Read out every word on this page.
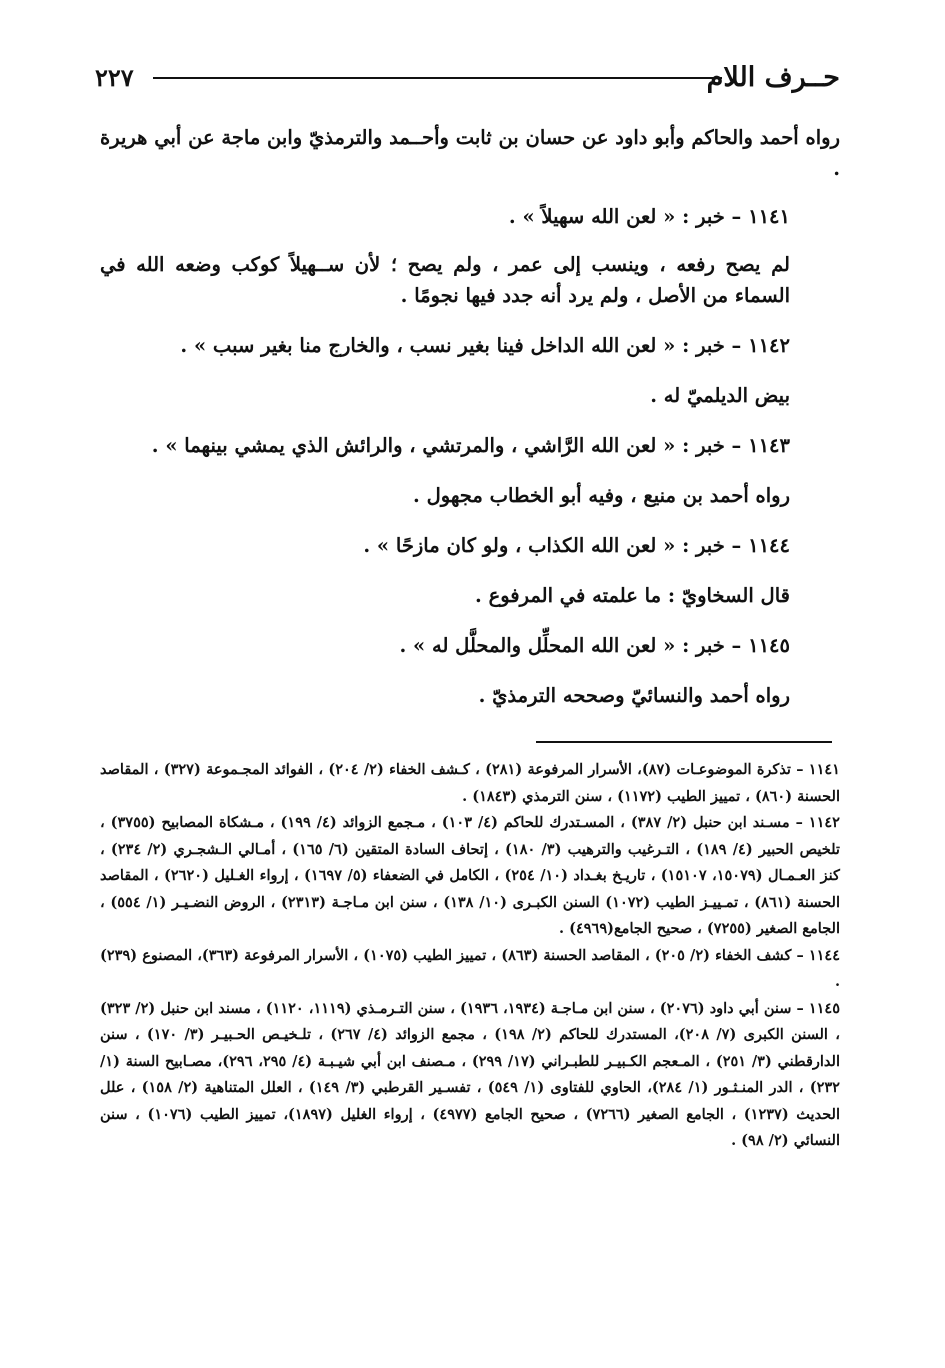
حــرف اللام
٢٢٧

رواه أحمد والحاكم وأبو داود عن حسان بن ثابت وأحــمد والترمذيّ وابن ماجة عن أبي هريرة .

١١٤١ – خبر : « لعن الله سهيلاً » .

لم يصح رفعه ، وينسب إلى عمر ، ولم يصح ؛ لأن ســهيلاً كوكب وضعه الله في السماء من الأصل ، ولم يرد أنه جدد فيها نجومًا .

١١٤٢ – خبر : « لعن الله الداخل فينا بغير نسب ، والخارج منا بغير سبب » .

بيض الديلميّ له .

١١٤٣ – خبر : « لعن الله الرَّاشي ، والمرتشي ، والرائش الذي يمشي بينهما » .

رواه أحمد بن منيع ، وفيه أبو الخطاب مجهول .

١١٤٤ – خبر : « لعن الله الكذاب ، ولو كان مازحًا » .

قال السخاويّ : ما علمته في المرفوع .

١١٤٥ – خبر : « لعن الله المحلِّل والمحلَّل له » .

رواه أحمد والنسائيّ وصححه الترمذيّ .

١١٤١ – تذكرة الموضوعـات (٨٧)، الأسرار المرفوعة (٢٨١) ، كـشف الخفاء (٢/ ٢٠٤) ، الفوائد المجـموعة (٣٢٧) ، المقاصد الحسنة (٨٦٠) ، تمييز الطيب (١١٧٢) ، سنن الترمذي (١٨٤٣) .

١١٤٢ – مسـند ابن حنبل (٢/ ٣٨٧) ، المسـتدرك للحاكم (٤/ ١٠٣) ، مـجمع الزوائد (٤/ ١٩٩) ، مـشكاة المصابيح (٣٧٥٥) ، تلخيص الحبير (٤/ ١٨٩) ، التـرغيب والترهيب (٣/ ١٨٠) ، إتحاف السادة المتقين (٦/ ١٦٥) ، أمـالي الـشجـري (٢/ ٢٣٤) ، كنز العـمـال (١٥٠٧٩، ١٥١٠٧) ، تاريـخ بغـداد (١٠/ ٢٥٤) ، الكامل في الضعفاء (٥/ ١٦٩٧) ، إرواء الغـليل (٢٦٢٠) ، المقاصد الحسنة (٨٦١) ، تمـييـز الطيب (١٠٧٢) السنن الكبـرى (١٠/ ١٣٨) ، سنن ابن مـاجـة (٢٣١٣) ، الروض النضـيـر (١/ ٥٥٤) ، الجامع الصغير (٧٢٥٥) ، صحيح الجامع(٤٩٦٩) .

١١٤٤ – كشف الخفاء (٢/ ٢٠٥) ، المقاصد الحسنة (٨٦٣) ، تمييز الطيب (١٠٧٥) ، الأسرار المرفوعة (٣٦٣)، المصنوع (٢٣٩) .

١١٤٥ – سنن أبي داود (٢٠٧٦) ، سنن ابن مـاجـة (١٩٣٤، ١٩٣٦) ، سنن التـرمـذي (١١١٩، ١١٢٠) ، مسند ابن حنبل (٢/ ٣٢٣) ، السنن الكبرى (٧/ ٢٠٨)، المستدرك للحاكم (٢/ ١٩٨) ، مجمع الزوائد (٤/ ٢٦٧) ، تلـخيـص الحـبيـر (٣/ ١٧٠) ، سنن الدارقطني (٣/ ٢٥١) ، المـعجم الكـبيـر للطبـراني (١٧/ ٢٩٩) ، مـصنف ابن أبي شيـبـة (٤/ ٢٩٥، ٢٩٦)، مصـابيح السنة (١/ ٢٣٢) ، الدر المنـثـور (١/ ٢٨٤)، الحاوي للفتاوى (١/ ٥٤٩) ، تفسـير القرطبي (٣/ ١٤٩) ، العلل المتناهية (٢/ ١٥٨) ، علل الحديث (١٢٣٧) ، الجامع الصغير (٧٢٦٦) ، صحيح الجامع (٤٩٧٧) ، إرواء الغليل (١٨٩٧)، تمييز الطيب (١٠٧٦) ، سنن النسائي (٢/ ٩٨) .
